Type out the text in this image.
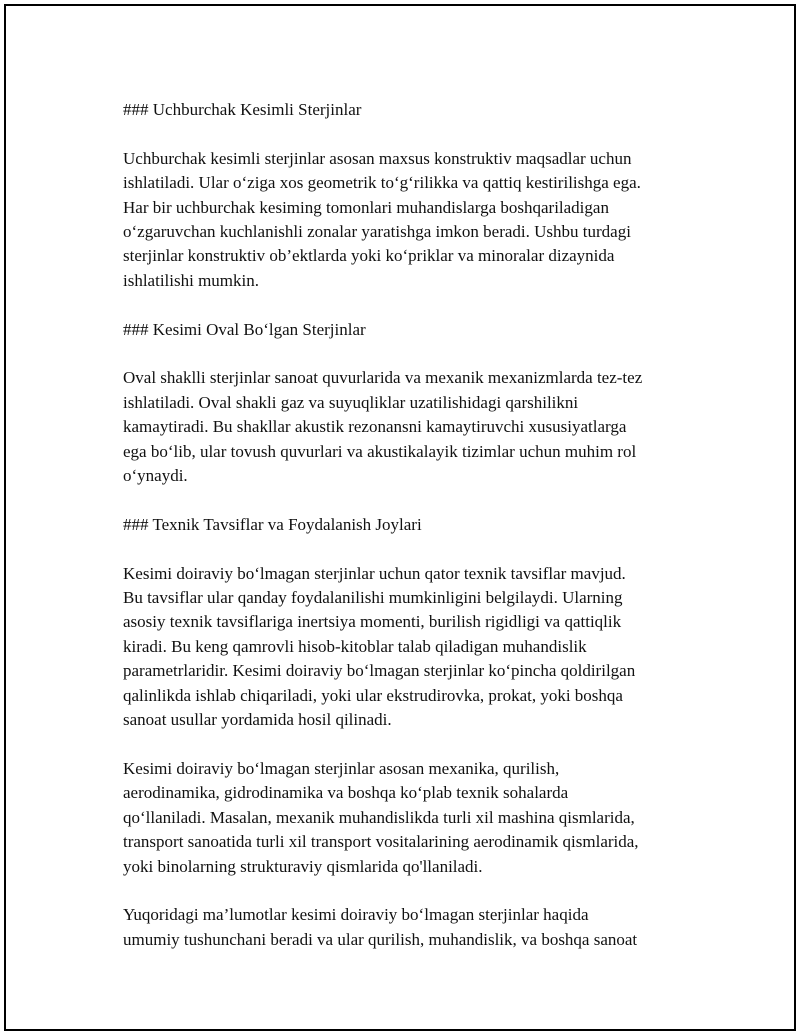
### Uchburchak Kesimli Sterjinlar
Uchburchak kesimli sterjinlar asosan maxsus konstruktiv maqsadlar uchun
ishlatiladi. Ular o‘ziga xos geometrik to‘g‘rilikka va qattiq kestirilishga ega.
Har bir uchburchak kesiming tomonlari muhandislarga boshqariladigan
o‘zgaruvchan kuchlanishli zonalar yaratishga imkon beradi. Ushbu turdagi
sterjinlar konstruktiv ob’ektlarda yoki ko‘priklar va minoralar dizaynida
ishlatilishi mumkin.
### Kesimi Oval Bo‘lgan Sterjinlar
Oval shaklli sterjinlar sanoat quvurlarida va mexanik mexanizmlarda tez-tez
ishlatiladi. Oval shakli gaz va suyuqliklar uzatilishidagi qarshilikni
kamaytiradi. Bu shakllar akustik rezonansni kamaytiruvchi xususiyatlarga
ega bo‘lib, ular tovush quvurlari va akustikalayik tizimlar uchun muhim rol
o‘ynaydi.
### Texnik Tavsiflar va Foydalanish Joylari
Kesimi doiraviy bo‘lmagan sterjinlar uchun qator texnik tavsiflar mavjud.
Bu tavsiflar ular qanday foydalanilishi mumkinligini belgilaydi. Ularning
asosiy texnik tavsiflariga inertsiya momenti, burilish rigidligi va qattiqlik
kiradi. Bu keng qamrovli hisob-kitoblar talab qiladigan muhandislik
parametrlaridir. Kesimi doiraviy bo‘lmagan sterjinlar ko‘pincha qoldirilgan
qalinlikda ishlab chiqariladi, yoki ular ekstrudirovka, prokat, yoki boshqa
sanoat usullar yordamida hosil qilinadi.
Kesimi doiraviy bo‘lmagan sterjinlar asosan mexanika, qurilish,
aerodinamika, gidrodinamika va boshqa ko‘plab texnik sohalarda
qo‘llaniladi. Masalan, mexanik muhandislikda turli xil mashina qismlarida,
transport sanoatida turli xil transport vositalarining aerodinamik qismlarida,
yoki binolarning strukturaviy qismlarida qo'llaniladi.
Yuqoridagi ma’lumotlar kesimi doiraviy bo‘lmagan sterjinlar haqida
umumiy tushunchani beradi va ular qurilish, muhandislik, va boshqa sanoat
